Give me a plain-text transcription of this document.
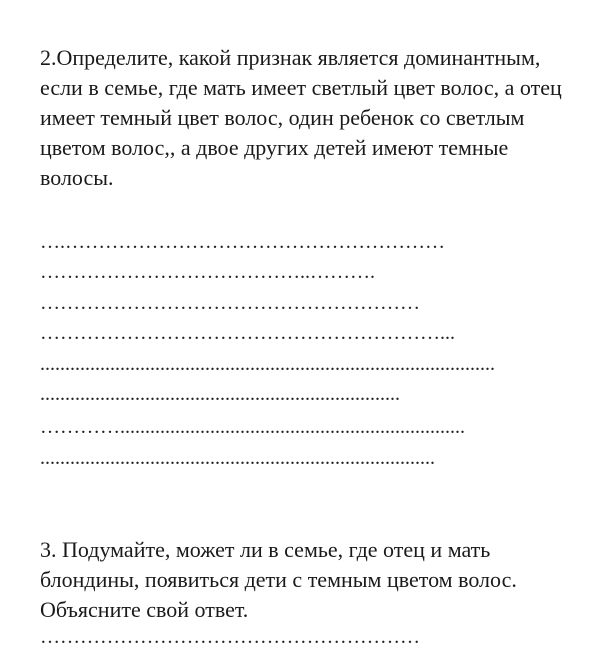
2.Определите, какой признак является доминантным, если в семье, где мать имеет светлый цвет волос, а отец имеет темный цвет волос, один ребенок со светлым цветом волос,, а двое других детей имеют темные волосы.

….…………………………………………………
…………………………………..……….
…………………………………………………
……………………………………………………...
...........................................................................................
........................................................................
………….....................................................................
...............................................................................

3. Подумайте, может ли в семье, где отец и мать блондины, появиться дети с темным цветом волос. Объясните свой ответ.

…………………………………………………
